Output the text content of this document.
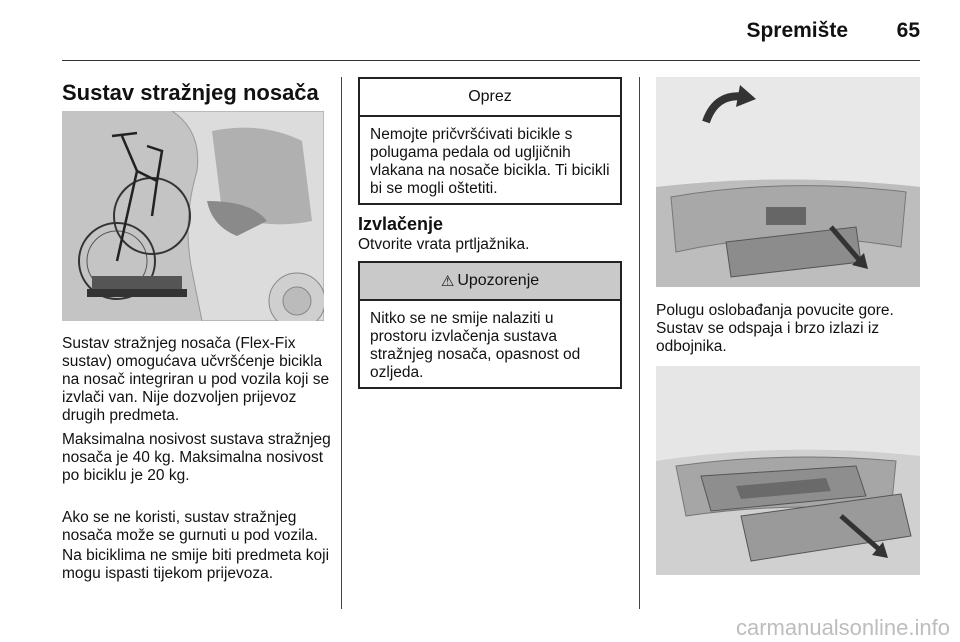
Spremište	65
Sustav stražnjeg nosača
Sustav stražnjeg nosača (Flex-Fix sustav) omogućava učvršćenje bicikla na nosač integriran u pod vozila koji se izvlači van. Nije dozvoljen prijevoz drugih predmeta.
Maksimalna nosivost sustava stražnjeg nosača je 40 kg. Maksimalna nosivost po biciklu je 20 kg.
Ako se ne koristi, sustav stražnjeg nosača može se gurnuti u pod vozila.
Na biciklima ne smije biti predmeta koji mogu ispasti tijekom prijevoza.
Oprez
Nemojte pričvršćivati bicikle s polugama pedala od ugljičnih vlakana na nosače bicikla. Ti bicikli bi se mogli oštetiti.
Izvlačenje
Otvorite vrata prtljažnika.
⚠ Upozorenje
Nitko se ne smije nalaziti u prostoru izvlačenja sustava stražnjeg nosača, opasnost od ozljeda.
Polugu oslobađanja povucite gore. Sustav se odspaja i brzo izlazi iz odbojnika.
carmanualsonline.info
